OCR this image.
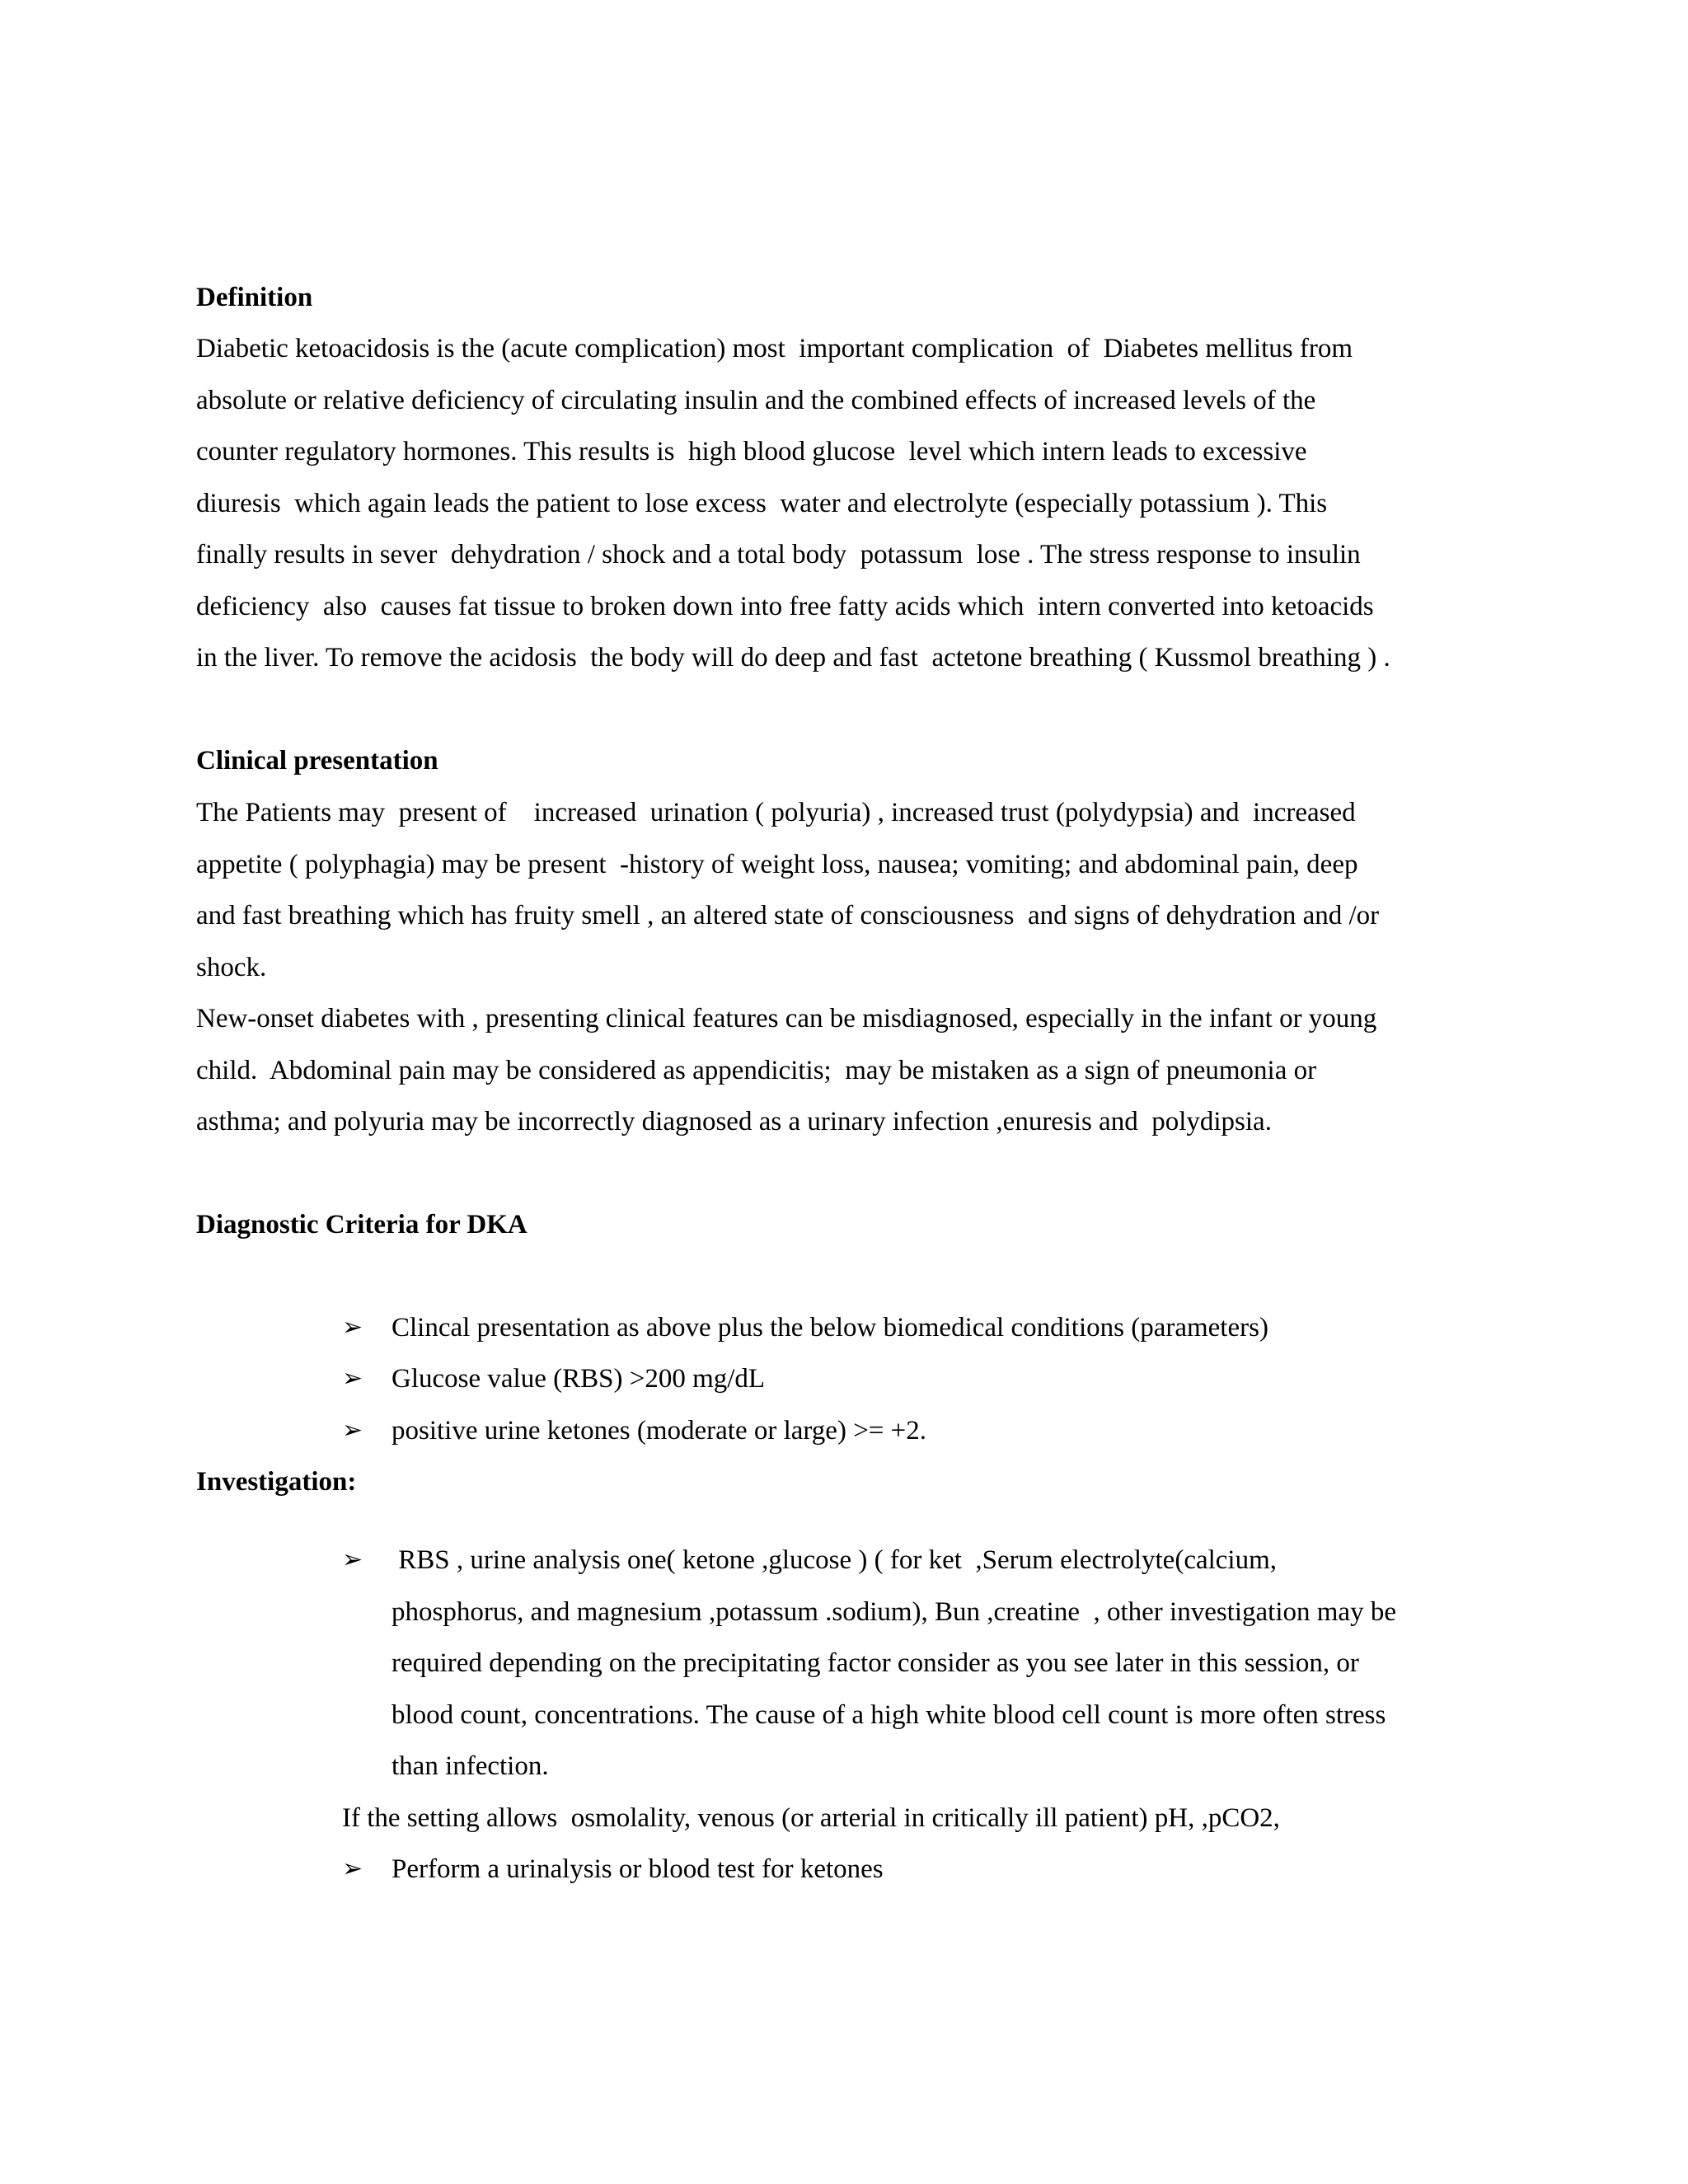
Definition
Diabetic ketoacidosis is the (acute complication) most  important complication  of  Diabetes mellitus from
absolute or relative deficiency of circulating insulin and the combined effects of increased levels of the
counter regulatory hormones. This results is  high blood glucose  level which intern leads to excessive
diuresis  which again leads the patient to lose excess  water and electrolyte (especially potassium ). This
finally results in sever  dehydration / shock and a total body  potassum  lose . The stress response to insulin
deficiency  also  causes fat tissue to broken down into free fatty acids which  intern converted into ketoacids
in the liver. To remove the acidosis  the body will do deep and fast  actetone breathing ( Kussmol breathing ) .
Clinical presentation
The Patients may  present of    increased  urination ( polyuria) , increased trust (polydypsia) and  increased
appetite ( polyphagia) may be present  -history of weight loss, nausea; vomiting; and abdominal pain, deep
and fast breathing which has fruity smell , an altered state of consciousness  and signs of dehydration and /or
shock.
New-onset diabetes with , presenting clinical features can be misdiagnosed, especially in the infant or young
child.  Abdominal pain may be considered as appendicitis;  may be mistaken as a sign of pneumonia or
asthma; and polyuria may be incorrectly diagnosed as a urinary infection ,enuresis and  polydipsia.
Diagnostic Criteria for DKA
➢ Clincal presentation as above plus the below biomedical conditions (parameters)
➢ Glucose value (RBS) >200 mg/dL
➢ positive urine ketones (moderate or large) >= +2.
Investigation:
➢ RBS , urine analysis one( ketone ,glucose ) ( for ket  ,Serum electrolyte(calcium,
phosphorus, and magnesium ,potassum .sodium), Bun ,creatine  , other investigation may be
required depending on the precipitating factor consider as you see later in this session, or
blood count, concentrations. The cause of a high white blood cell count is more often stress
than infection.
If the setting allows  osmolality, venous (or arterial in critically ill patient) pH, ,pCO2,
➢ Perform a urinalysis or blood test for ketones
